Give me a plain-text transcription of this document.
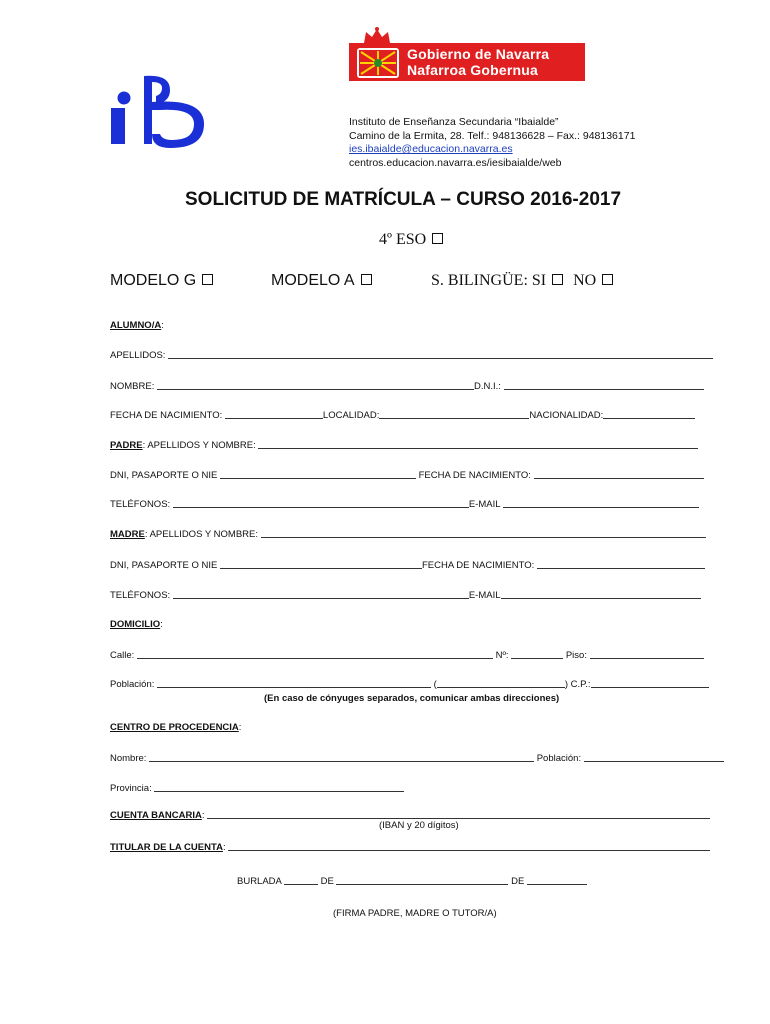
Gobierno de Navarra
Nafarroa Gobernua
Instituto de Enseñanza Secundaria “Ibaialde”
Camino de la Ermita, 28. Telf.: 948136628 – Fax.: 948136171
ies.ibaialde@educacion.navarra.es
centros.educacion.navarra.es/iesibaialde/web
SOLICITUD DE MATRÍCULA – CURSO 2016-2017
4º ESO
MODELO G	MODELO A	S. BILINGÜE: SI NO
ALUMNO/A:
APELLIDOS:
NOMBRE:	D.N.I.:
FECHA DE NACIMIENTO:	LOCALIDAD:	NACIONALIDAD:
PADRE: APELLIDOS Y NOMBRE:
DNI, PASAPORTE O NIE	FECHA DE NACIMIENTO:
TELÉFONOS:	E-MAIL
MADRE: APELLIDOS Y NOMBRE:
DNI, PASAPORTE O NIE	FECHA DE NACIMIENTO:
TELÉFONOS:	E-MAIL
DOMICILIO:
Calle:	Nº:	Piso:
Población:	(	) C.P.:
(En caso de cónyuges separados, comunicar ambas direcciones)
CENTRO DE PROCEDENCIA:
Nombre:	Población:
Provincia:
CUENTA BANCARIA:
(IBAN y 20 dígitos)
TITULAR DE LA CUENTA:
BURLADA	DE	DE
(FIRMA PADRE, MADRE O TUTOR/A)
